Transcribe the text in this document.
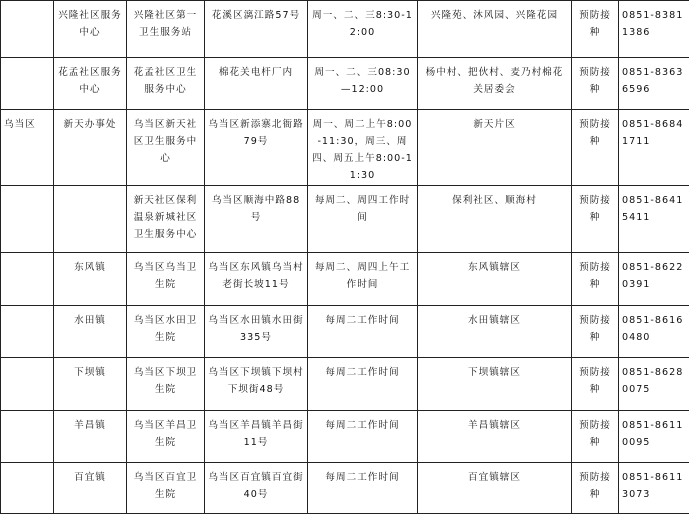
	兴隆社区服务中心	兴隆社区第一卫生服务站	花溪区漓江路57号	周一、二、三8:30-12:00	兴隆苑、沐风园、兴隆花园	预防接种	0851-83811386
	花孟社区服务中心	花孟社区卫生服务中心	棉花关电杆厂内	周一、二、三08:30—12:00	杨中村、把伙村、麦乃村棉花关居委会	预防接种	0851-83636596
乌当区	新天办事处	乌当区新天社区卫生服务中心	乌当区新添寨北衙路79号	周一、周二上午8:00-11:30，周三、周四、周五上午8:00-11:30	新天片区	预防接种	0851-86841711
		新天社区保利温泉新城社区卫生服务中心	乌当区顺海中路88号	每周二、周四工作时间	保利社区、顺海村	预防接种	0851-86415411
	东风镇	乌当区乌当卫生院	乌当区东风镇乌当村老街长坡11号	每周二、周四上午工作时间	东风镇辖区	预防接种	0851-86220391
	水田镇	乌当区水田卫生院	乌当区水田镇水田街335号	每周二工作时间	水田镇辖区	预防接种	0851-86160480
	下坝镇	乌当区下坝卫生院	乌当区下坝镇下坝村下坝街48号	每周二工作时间	下坝镇辖区	预防接种	0851-86280075
	羊昌镇	乌当区羊昌卫生院	乌当区羊昌镇羊昌街11号	每周二工作时间	羊昌镇辖区	预防接种	0851-86110095
	百宜镇	乌当区百宜卫生院	乌当区百宜镇百宜街40号	每周二工作时间	百宜镇辖区	预防接种	0851-86113073
